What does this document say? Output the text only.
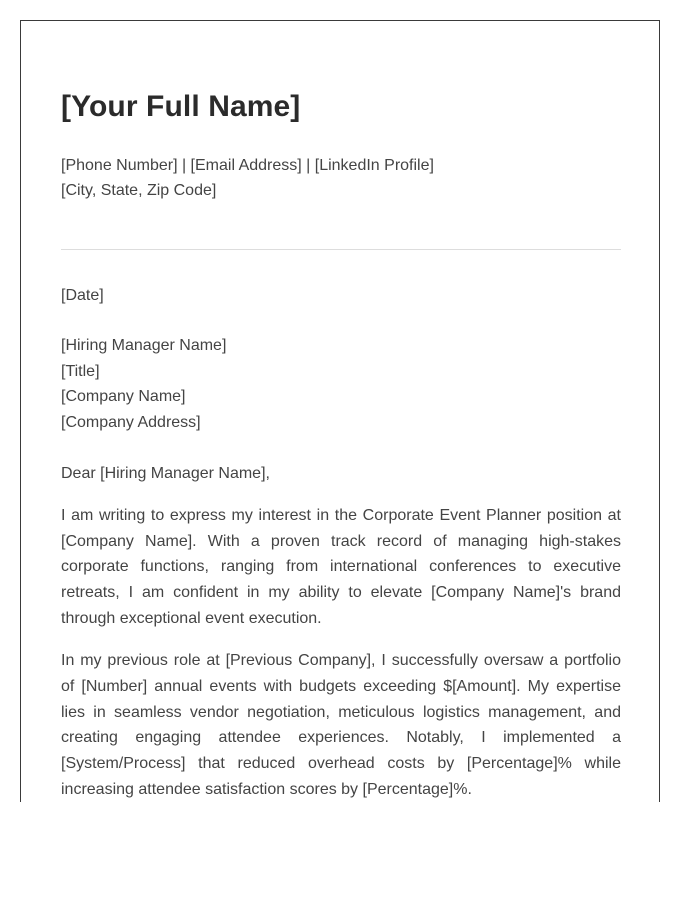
[Your Full Name]
[Phone Number] | [Email Address] | [LinkedIn Profile]
[City, State, Zip Code]
[Date]
[Hiring Manager Name]
[Title]
[Company Name]
[Company Address]
Dear [Hiring Manager Name],

I am writing to express my interest in the Corporate Event Planner position at [Company Name]. With a proven track record of managing high-stakes corporate functions, ranging from international conferences to executive retreats, I am confident in my ability to elevate [Company Name]'s brand through exceptional event execution.

In my previous role at [Previous Company], I successfully oversaw a portfolio of [Number] annual events with budgets exceeding $[Amount]. My expertise lies in seamless vendor negotiation, meticulous logistics management, and creating engaging attendee experiences. Notably, I implemented a [System/Process] that reduced overhead costs by [Percentage]% while increasing attendee satisfaction scores by [Percentage]%.
